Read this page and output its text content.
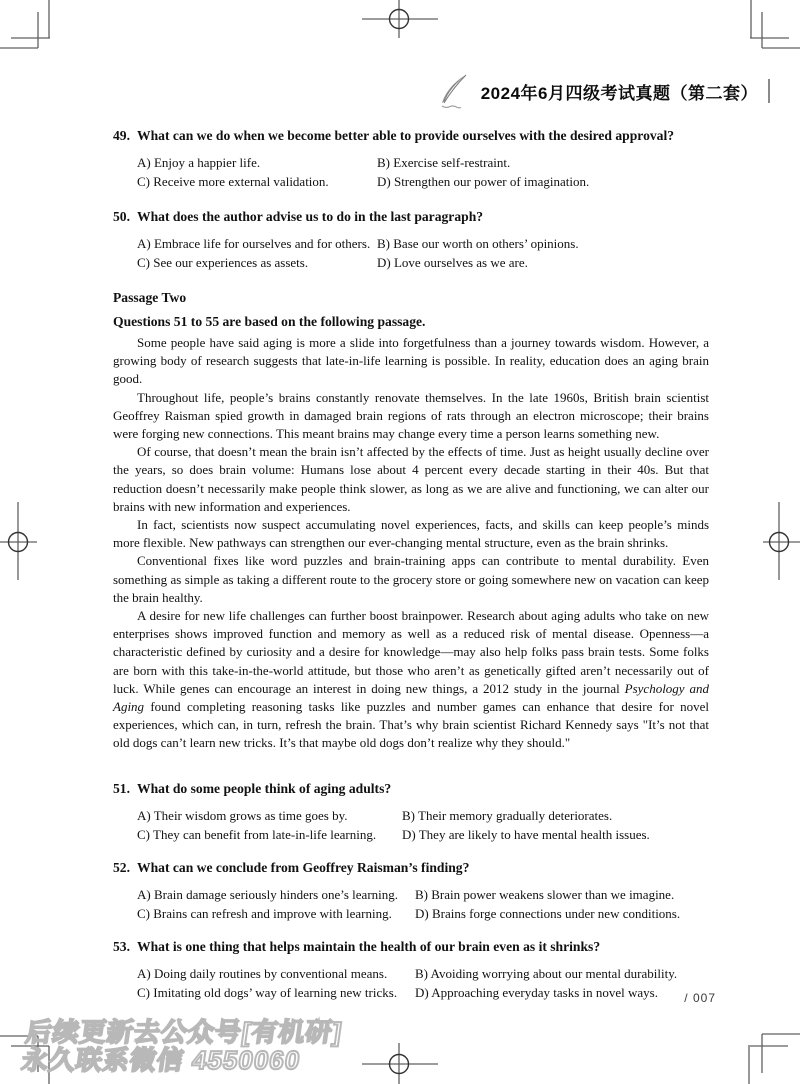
2024年6月四级考试真题（第二套）
49. What can we do when we become better able to provide ourselves with the desired approval?
A) Enjoy a happier life.	B) Exercise self-restraint.
C) Receive more external validation.	D) Strengthen our power of imagination.
50. What does the author advise us to do in the last paragraph?
A) Embrace life for ourselves and for others. B) Base our worth on others’ opinions.
C) See our experiences as assets.	D) Love ourselves as we are.
Passage Two
Questions 51 to 55 are based on the following passage.

Some people have said aging is more a slide into forgetfulness than a journey towards wisdom. However, a growing body of research suggests that late-in-life learning is possible. In reality, education does an aging brain good.

Throughout life, people’s brains constantly renovate themselves. In the late 1960s, British brain scientist Geoffrey Raisman spied growth in damaged brain regions of rats through an electron microscope; their brains were forging new connections. This meant brains may change every time a person learns something new.

Of course, that doesn’t mean the brain isn’t affected by the effects of time. Just as height usually decline over the years, so does brain volume: Humans lose about 4 percent every decade starting in their 40s. But that reduction doesn’t necessarily make people think slower, as long as we are alive and functioning, we can alter our brains with new information and experiences.

In fact, scientists now suspect accumulating novel experiences, facts, and skills can keep people’s minds more flexible. New pathways can strengthen our ever-changing mental structure, even as the brain shrinks.

Conventional fixes like word puzzles and brain-training apps can contribute to mental durability. Even something as simple as taking a different route to the grocery store or going somewhere new on vacation can keep the brain healthy.

A desire for new life challenges can further boost brainpower. Research about aging adults who take on new enterprises shows improved function and memory as well as a reduced risk of mental disease. Openness—a characteristic defined by curiosity and a desire for knowledge—may also help folks pass brain tests. Some folks are born with this take-in-the-world attitude, but those who aren’t as genetically gifted aren’t necessarily out of luck. While genes can encourage an interest in doing new things, a 2012 study in the journal Psychology and Aging found completing reasoning tasks like puzzles and number games can enhance that desire for novel experiences, which can, in turn, refresh the brain. That’s why brain scientist Richard Kennedy says "It’s not that old dogs can’t learn new tricks. It’s that maybe old dogs don’t realize why they should."

51. What do some people think of aging adults?
A) Their wisdom grows as time goes by.	B) Their memory gradually deteriorates.
C) They can benefit from late-in-life learning.	D) They are likely to have mental health issues.
52. What can we conclude from Geoffrey Raisman’s finding?
A) Brain damage seriously hinders one’s learning.	B) Brain power weakens slower than we imagine.
C) Brains can refresh and improve with learning.	D) Brains forge connections under new conditions.
53. What is one thing that helps maintain the health of our brain even as it shrinks?
A) Doing daily routines by conventional means.	B) Avoiding worrying about our mental durability.
C) Imitating old dogs’ way of learning new tricks.	D) Approaching everyday tasks in novel ways.	/ 007
后续更新去公众号[有机研]
永久联系微信 4550060
